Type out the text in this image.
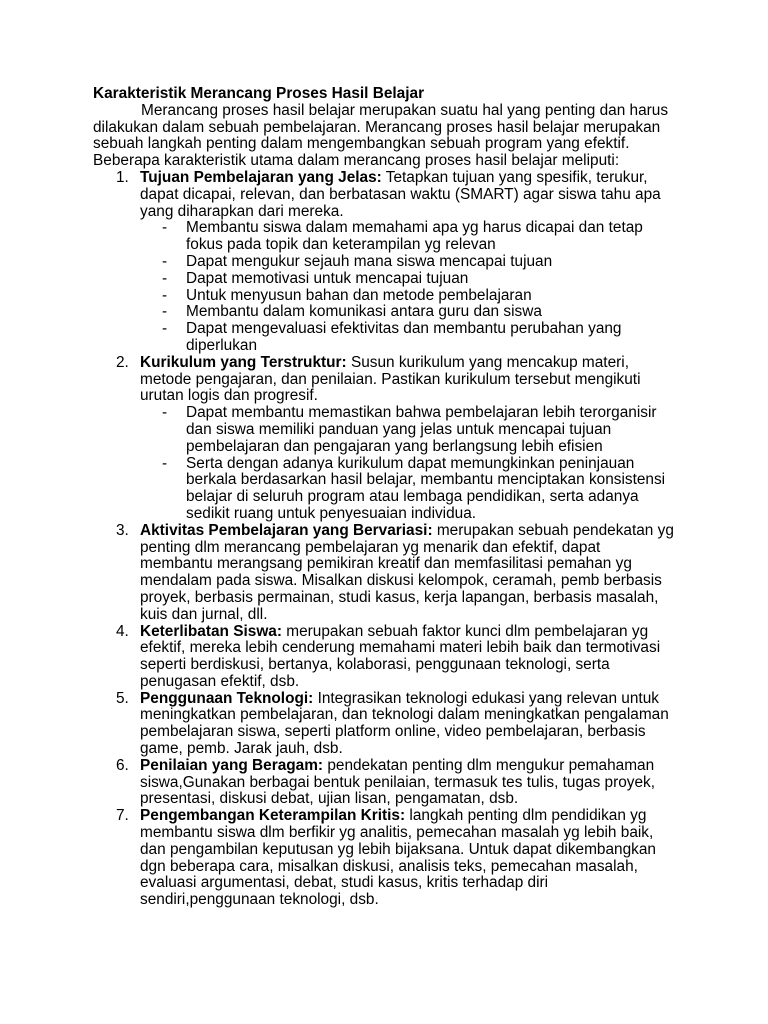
Karakteristik Merancang Proses Hasil Belajar

Merancang proses hasil belajar merupakan suatu hal yang penting dan harus dilakukan dalam sebuah pembelajaran. Merancang proses hasil belajar merupakan sebuah langkah penting dalam mengembangkan sebuah program yang efektif. Beberapa karakteristik utama dalam merancang proses hasil belajar meliputi:

1. Tujuan Pembelajaran yang Jelas: Tetapkan tujuan yang spesifik, terukur, dapat dicapai, relevan, dan berbatasan waktu (SMART) agar siswa tahu apa yang diharapkan dari mereka.
- Membantu siswa dalam memahami apa yg harus dicapai dan tetap fokus pada topik dan keterampilan yg relevan
- Dapat mengukur sejauh mana siswa mencapai tujuan
- Dapat memotivasi untuk mencapai tujuan
- Untuk menyusun bahan dan metode pembelajaran
- Membantu dalam komunikasi antara guru dan siswa
- Dapat mengevaluasi efektivitas dan membantu perubahan yang diperlukan
2. Kurikulum yang Terstruktur: Susun kurikulum yang mencakup materi, metode pengajaran, dan penilaian. Pastikan kurikulum tersebut mengikuti urutan logis dan progresif.
- Dapat membantu memastikan bahwa pembelajaran lebih terorganisir dan siswa memiliki panduan yang jelas untuk mencapai tujuan pembelajaran dan pengajaran yang berlangsung lebih efisien
- Serta dengan adanya kurikulum dapat memungkinkan peninjauan berkala berdasarkan hasil belajar, membantu menciptakan konsistensi belajar di seluruh program atau lembaga pendidikan, serta adanya sedikit ruang untuk penyesuaian individua.
3. Aktivitas Pembelajaran yang Bervariasi: merupakan sebuah pendekatan yg penting dlm merancang pembelajaran yg menarik dan efektif, dapat membantu merangsang pemikiran kreatif dan memfasilitasi pemahan yg mendalam pada siswa. Misalkan diskusi kelompok, ceramah, pemb berbasis proyek, berbasis permainan, studi kasus, kerja lapangan, berbasis masalah, kuis dan jurnal, dll.
4. Keterlibatan Siswa: merupakan sebuah faktor kunci dlm pembelajaran yg efektif, mereka lebih cenderung memahami materi lebih baik dan termotivasi seperti berdiskusi, bertanya, kolaborasi, penggunaan teknologi, serta penugasan efektif, dsb.
5. Penggunaan Teknologi: Integrasikan teknologi edukasi yang relevan untuk meningkatkan pembelajaran, dan teknologi dalam meningkatkan pengalaman pembelajaran siswa, seperti platform online, video pembelajaran, berbasis game, pemb. Jarak jauh, dsb.
6. Penilaian yang Beragam: pendekatan penting dlm mengukur pemahaman siswa,Gunakan berbagai bentuk penilaian, termasuk tes tulis, tugas proyek, presentasi, diskusi debat, ujian lisan, pengamatan, dsb.
7. Pengembangan Keterampilan Kritis: langkah penting dlm pendidikan yg membantu siswa dlm berfikir yg analitis, pemecahan masalah yg lebih baik, dan pengambilan keputusan yg lebih bijaksana. Untuk dapat dikembangkan dgn beberapa cara, misalkan diskusi, analisis teks, pemecahan masalah, evaluasi argumentasi, debat, studi kasus, kritis terhadap diri sendiri,penggunaan teknologi, dsb.
